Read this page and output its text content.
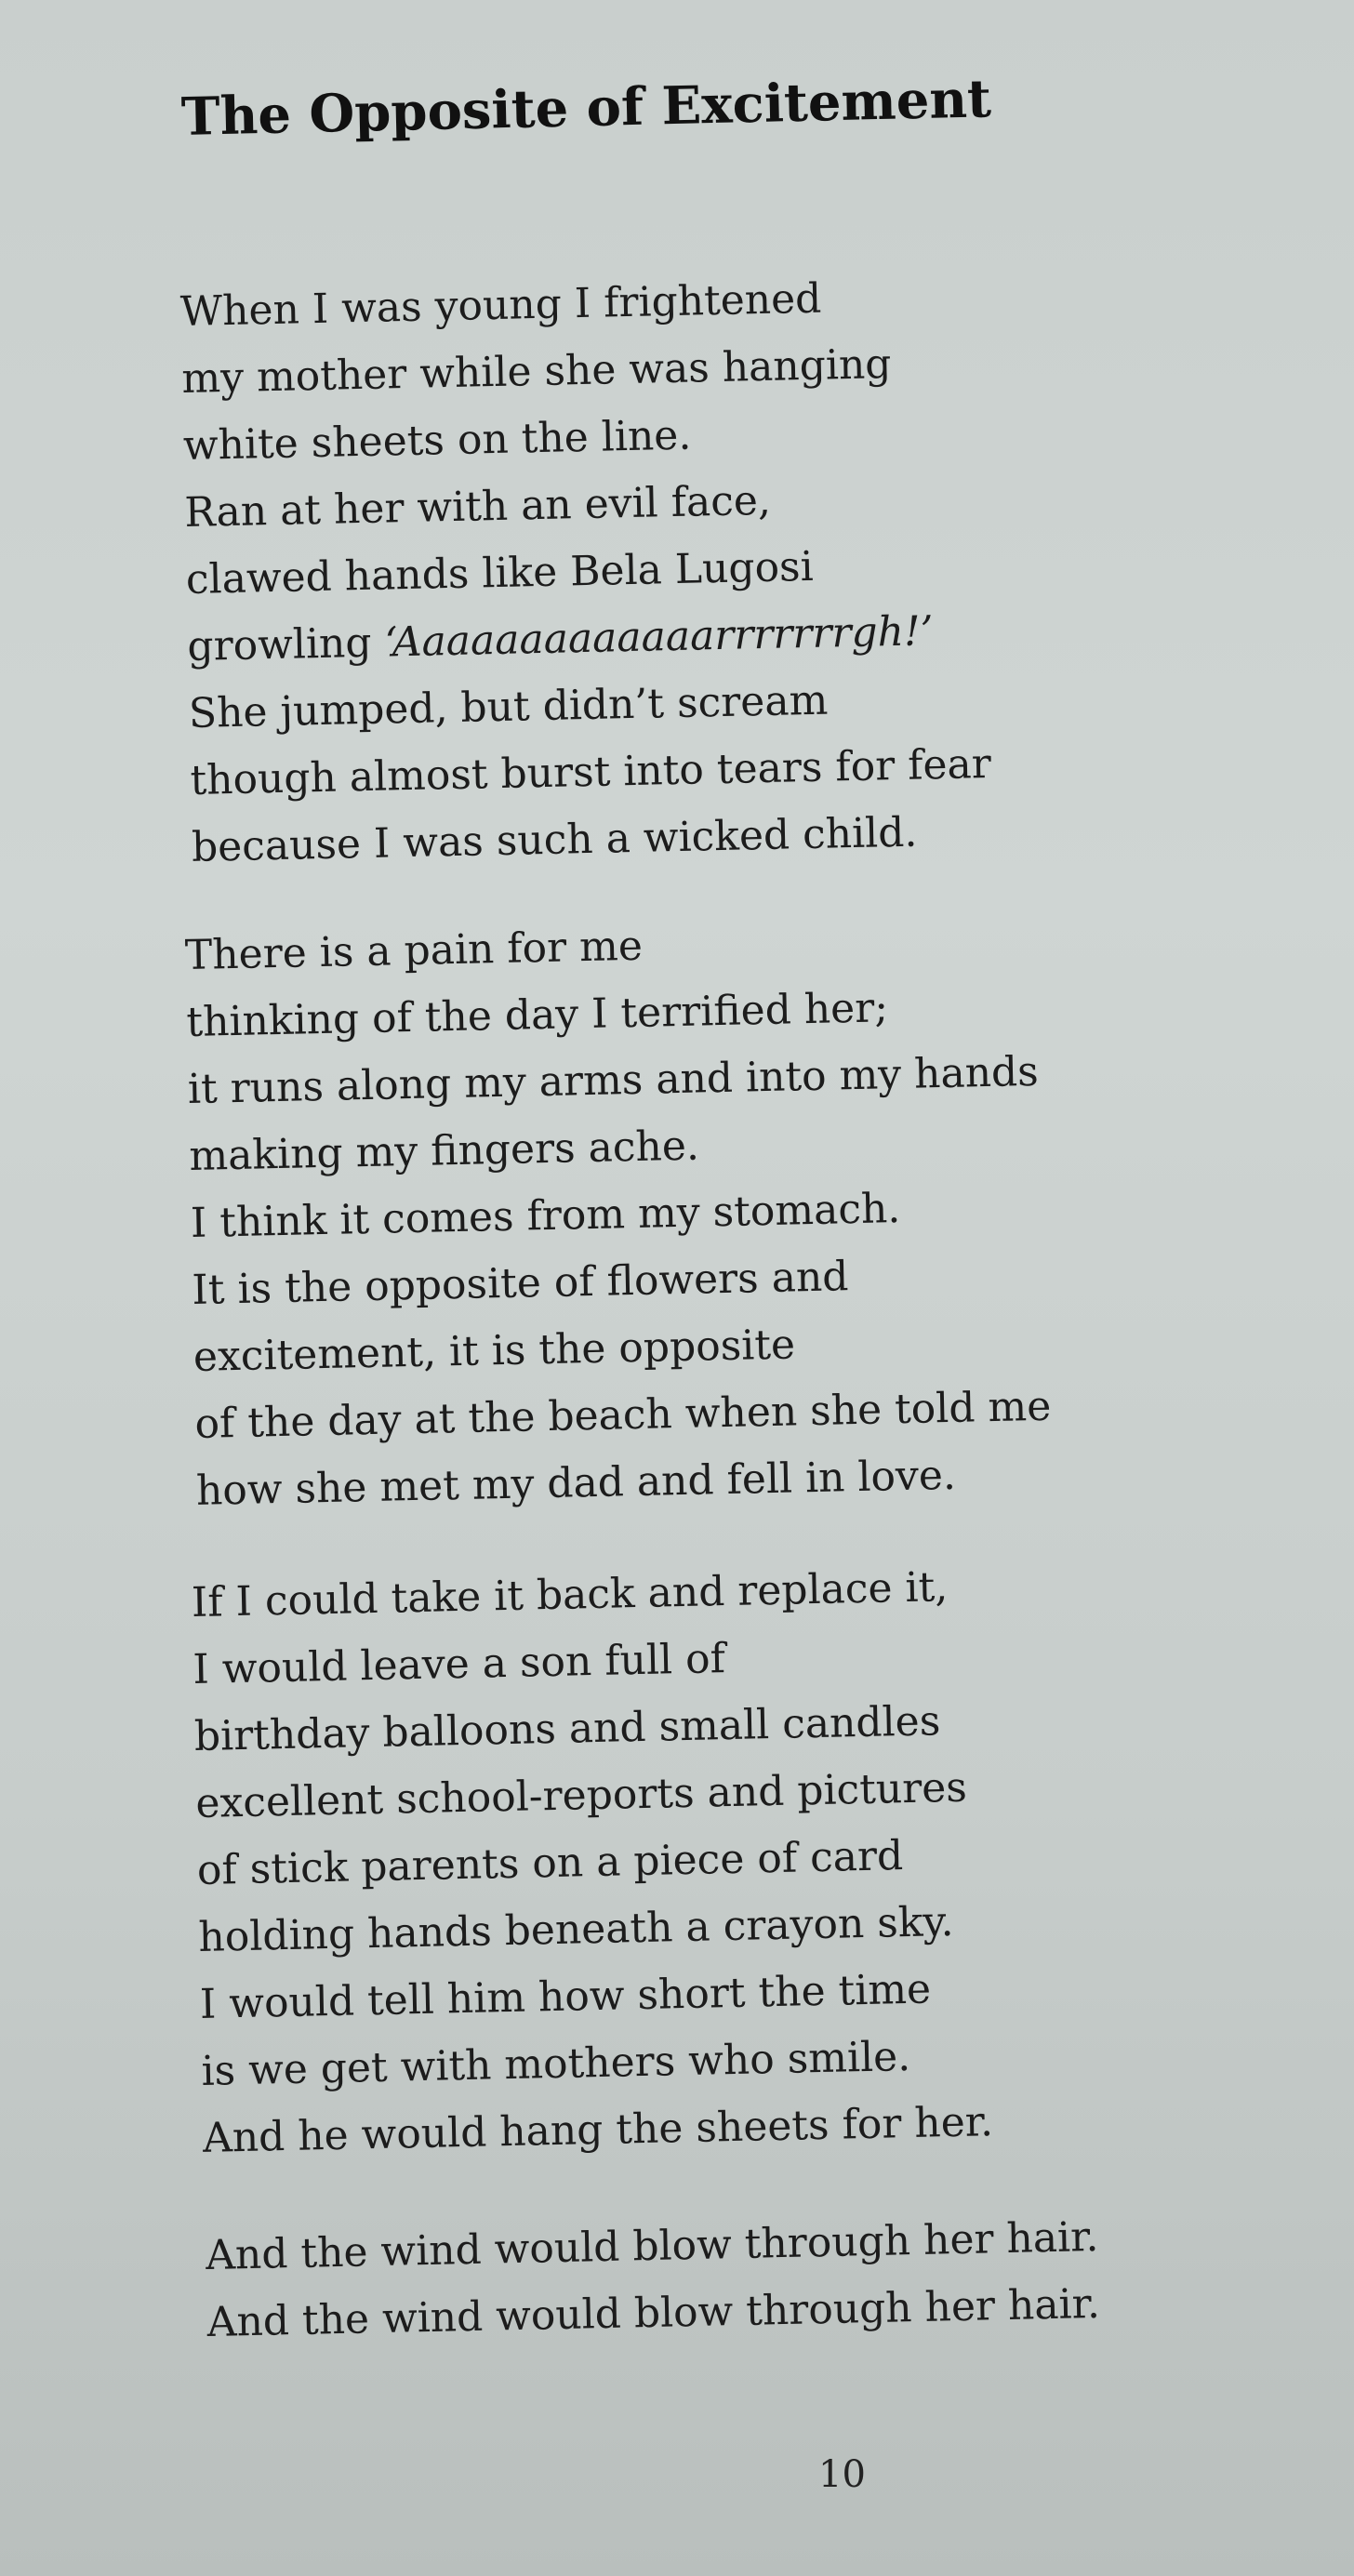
The Opposite of Excitement
When I was young I frightened
my mother while she was hanging
white sheets on the line.
Ran at her with an evil face,
clawed hands like Bela Lugosi
growling ‘Aaaaaaaaaaaaarrrrrrrgh!’
She jumped, but didn’t scream
though almost burst into tears for fear
because I was such a wicked child.
There is a pain for me
thinking of the day I terrified her;
it runs along my arms and into my hands
making my fingers ache.
I think it comes from my stomach.
It is the opposite of flowers and
excitement, it is the opposite
of the day at the beach when she told me
how she met my dad and fell in love.
If I could take it back and replace it,
I would leave a son full of
birthday balloons and small candles
excellent school-reports and pictures
of stick parents on a piece of card
holding hands beneath a crayon sky.
I would tell him how short the time
is we get with mothers who smile.
And he would hang the sheets for her.
And the wind would blow through her hair.
And the wind would blow through her hair.
10
